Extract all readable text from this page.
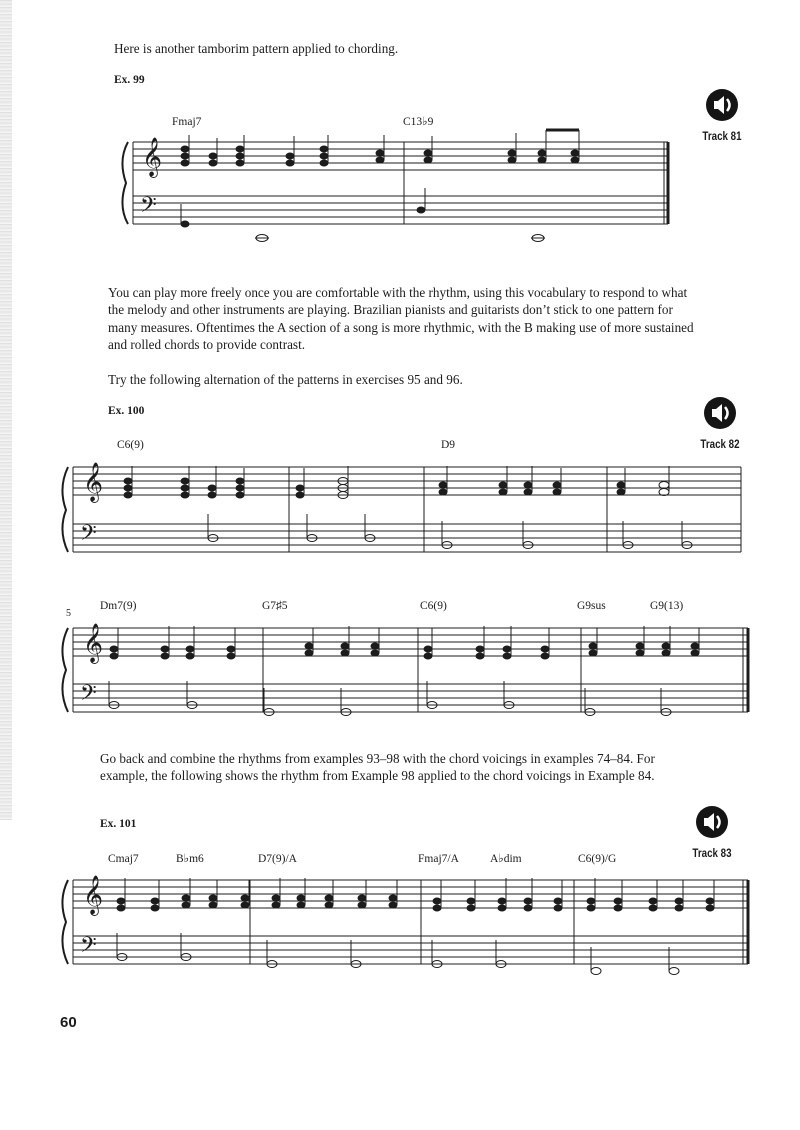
Here is another tamborim pattern applied to chording.

Ex. 99

Track 81

You can play more freely once you are comfortable with the rhythm, using this vocabulary to respond to what the melody and other instruments are playing. Brazilian pianists and guitarists don’t stick to one pattern for many measures. Oftentimes the A section of a song is more rhythmic, with the B making use of more sustained and rolled chords to provide contrast.

Try the following alternation of the patterns in exercises 95 and 96.

Ex. 100

Track 82

Go back and combine the rhythms from examples 93–98 with the chord voicings in examples 74–84. For example, the following shows the rhythm from Example 98 applied to the chord voicings in Example 84.

Ex. 101

Track 83
𝄞
𝄢
Fmaj7	C13♭9
𝄞
𝄢
C6(9)	D9
𝄞
𝄢
5
Dm7(9)	G7♯5	C6(9)	G9sus	G9(13)
𝄞
𝄢
Cmaj7	B♭m6	D7(9)/A	Fmaj7/A	A♭dim	C6(9)/G

60
